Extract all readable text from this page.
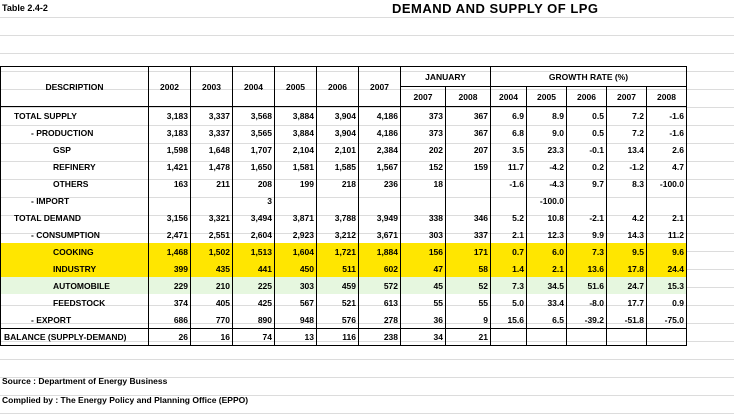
Table 2.4-2	DEMAND AND SUPPLY OF LPG
DESCRIPTION	2002	2003	2004	2005	2006	2007	JANUARY		GROWTH RATE (%)				
							2007	2008	2004	2005	2006	2007	2008
TOTAL SUPPLY	3,183	3,337	3,568	3,884	3,904	4,186	373	367	6.9	8.9	0.5	7.2	-1.6
- PRODUCTION	3,183	3,337	3,565	3,884	3,904	4,186	373	367	6.8	9.0	0.5	7.2	-1.6
GSP	1,598	1,648	1,707	2,104	2,101	2,384	202	207	3.5	23.3	-0.1	13.4	2.6
REFINERY	1,421	1,478	1,650	1,581	1,585	1,567	152	159	11.7	-4.2	0.2	-1.2	4.7
OTHERS	163	211	208	199	218	236	18		-1.6	-4.3	9.7	8.3	-100.0
- IMPORT			3							-100.0			
TOTAL DEMAND	3,156	3,321	3,494	3,871	3,788	3,949	338	346	5.2	10.8	-2.1	4.2	2.1
- CONSUMPTION	2,471	2,551	2,604	2,923	3,212	3,671	303	337	2.1	12.3	9.9	14.3	11.2
COOKING	1,468	1,502	1,513	1,604	1,721	1,884	156	171	0.7	6.0	7.3	9.5	9.6
INDUSTRY	399	435	441	450	511	602	47	58	1.4	2.1	13.6	17.8	24.4
AUTOMOBILE	229	210	225	303	459	572	45	52	7.3	34.5	51.6	24.7	15.3
FEEDSTOCK	374	405	425	567	521	613	55	55	5.0	33.4	-8.0	17.7	0.9
- EXPORT	686	770	890	948	576	278	36	9	15.6	6.5	-39.2	-51.8	-75.0
BALANCE (SUPPLY-DEMAND)	26	16	74	13	116	238	34	21					
Source : Department of Energy Business
Complied by : The Energy Policy and Planning Office (EPPO)
